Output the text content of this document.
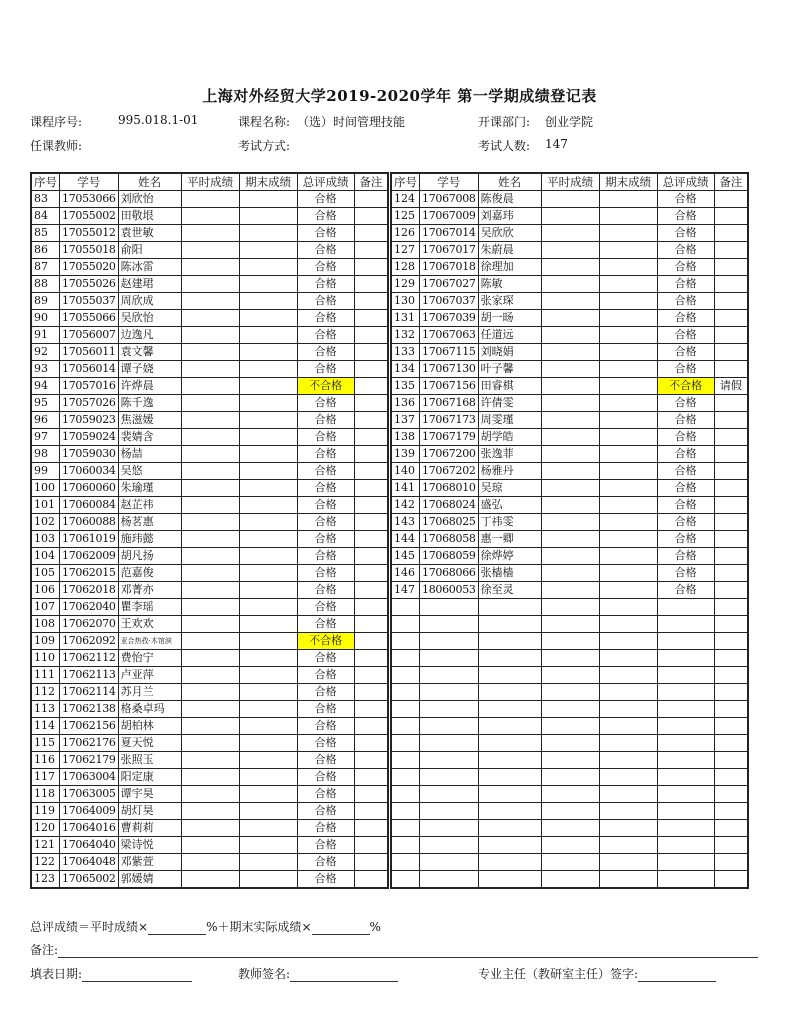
上海对外经贸大学2019-2020学年 第一学期成绩登记表
课程序号:	995.018.1-01	课程名称: （选）时间管理技能	开课部门: 创业学院
任课教师:	考试方式:	考试人数: 147
序号	学号	姓名	平时成绩	期末成绩	总评成绩	备注
83	17053066	刘欣怡			合格	
84	17055002	田敬垠			合格	
85	17055012	袁世敏			合格	
86	17055018	俞阳			合格	
87	17055020	陈冰雷			合格	
88	17055026	赵建珺			合格	
89	17055037	周欣成			合格	
90	17055066	吴欣怡			合格	
91	17056007	边逸凡			合格	
92	17056011	袁文馨			合格	
93	17056014	谭子娆			合格	
94	17057016	许烨晨			不合格	
95	17057026	陈千逸			合格	
96	17059023	焦滋媛			合格	
97	17059024	裴婧含			合格	
98	17059030	杨喆			合格	
99	17060034	吴悠			合格	
100	17060060	朱瑜瑾			合格	
101	17060084	赵芷祎			合格	
102	17060088	杨茗惠			合格	
103	17061019	施玮懿			合格	
104	17062009	胡凡扬			合格	
105	17062015	范嘉俊			合格	
106	17062018	邓菁亦			合格	
107	17062040	瞿李瑶			合格	
108	17062070	王欢欢			合格	
109	17062092	亚合热孜·木馆滨			不合格	
110	17062112	费怡宁			合格	
111	17062113	卢亚萍			合格	
112	17062114	苏月兰			合格	
113	17062138	格桑卓玛			合格	
114	17062156	胡柏林			合格	
115	17062176	夏天悦			合格	
116	17062179	张照玉			合格	
117	17063004	阳定康			合格	
118	17063005	谭宇昊			合格	
119	17064009	胡灯昊			合格	
120	17064016	曹莉莉			合格	
121	17064040	梁诗悦			合格	
122	17064048	邓紫萱			合格	
123	17065002	郭媛婧			合格	
序号	学号	姓名	平时成绩	期末成绩	总评成绩	备注
124	17067008	陈俊晨			合格	
125	17067009	刘嘉玮			合格	
126	17067014	吴欣欣			合格	
127	17067017	朱蔚晨			合格	
128	17067018	徐理加			合格	
129	17067027	陈敏			合格	
130	17067037	张家琛			合格	
131	17067039	胡一旸			合格	
132	17067063	任道远			合格	
133	17067115	刘晓娟			合格	
134	17067130	叶子馨			合格	
135	17067156	田睿棋			不合格	请假
136	17067168	许倩雯			合格	
137	17067173	周雯瑾			合格	
138	17067179	胡学皓			合格	
139	17067200	张逸菲			合格	
140	17067202	杨雅丹			合格	
141	17068010	吴琼			合格	
142	17068024	盛弘			合格	
143	17068025	丁祎雯			合格	
144	17068058	惠一卿			合格	
145	17068059	徐烨婷			合格	
146	17068066	张樯樯			合格	
147	18060053	徐至灵			合格	

总评成绩＝平时成绩×	%＋期末实际成绩×	%
备注:
填表日期:	教师签名:	专业主任（教研室主任）签字:
